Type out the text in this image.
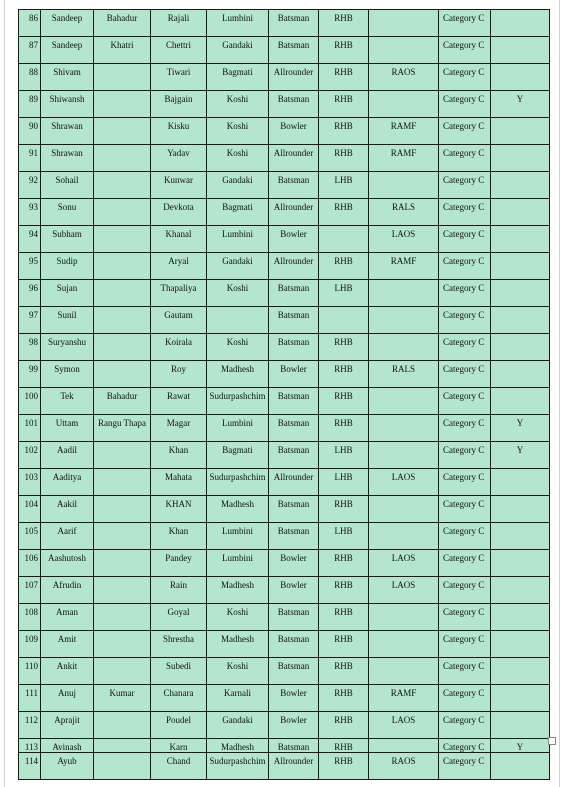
86	Sandeep	Bahadur	Rajali	Lumbini	Batsman	RHB		Category C	
87	Sandeep	Khatri	Chettri	Gandaki	Batsman	RHB		Category C	
88	Shivam		Tiwari	Bagmati	Allrounder	RHB	RAOS	Category C	
89	Shiwansh		Bajgain	Koshi	Batsman	RHB		Category C	Y
90	Shrawan		Kisku	Koshi	Bowler	RHB	RAMF	Category C	
91	Shrawan		Yadav	Koshi	Allrounder	RHB	RAMF	Category C	
92	Sohail		Kunwar	Gandaki	Batsman	LHB		Category C	
93	Sonu		Devkota	Bagmati	Allrounder	RHB	RALS	Category C	
94	Subham		Khanal	Lumbini	Bowler		LAOS	Category C	
95	Sudip		Aryal	Gandaki	Allrounder	RHB	RAMF	Category C	
96	Sujan		Thapaliya	Koshi	Batsman	LHB		Category C	
97	Sunil		Gautam		Batsman			Category C	
98	Suryanshu		Koirala	Koshi	Batsman	RHB		Category C	
99	Symon		Roy	Madhesh	Bowler	RHB	RALS	Category C	
100	Tek	Bahadur	Rawat	Sudurpashchim	Batsman	RHB		Category C	
101	Uttam	Rangu Thapa	Magar	Lumbini	Batsman	RHB		Category C	Y
102	Aadil		Khan	Bagmati	Batsman	LHB		Category C	Y
103	Aaditya		Mahata	Sudurpashchim	Allrounder	LHB	LAOS	Category C	
104	Aakil		KHAN	Madhesh	Batsman	RHB		Category C	
105	Aarif		Khan	Lumbini	Batsman	LHB		Category C	
106	Aashutosh		Pandey	Lumbini	Bowler	RHB	LAOS	Category C	
107	Afrudin		Rain	Madhesh	Bowler	RHB	LAOS	Category C	
108	Aman		Goyal	Koshi	Batsman	RHB		Category C	
109	Amit		Shrestha	Madhesh	Batsman	RHB		Category C	
110	Ankit		Subedi	Koshi	Batsman	RHB		Category C	
111	Anuj	Kumar	Chanara	Karnali	Bowler	RHB	RAMF	Category C	
112	Aprajit		Poudel	Gandaki	Bowler	RHB	LAOS	Category C	
113	Avinash		Karn	Madhesh	Batsman	RHB		Category C	Y
114	Ayub		Chand	Sudurpashchim	Allrounder	RHB	RAOS	Category C	
